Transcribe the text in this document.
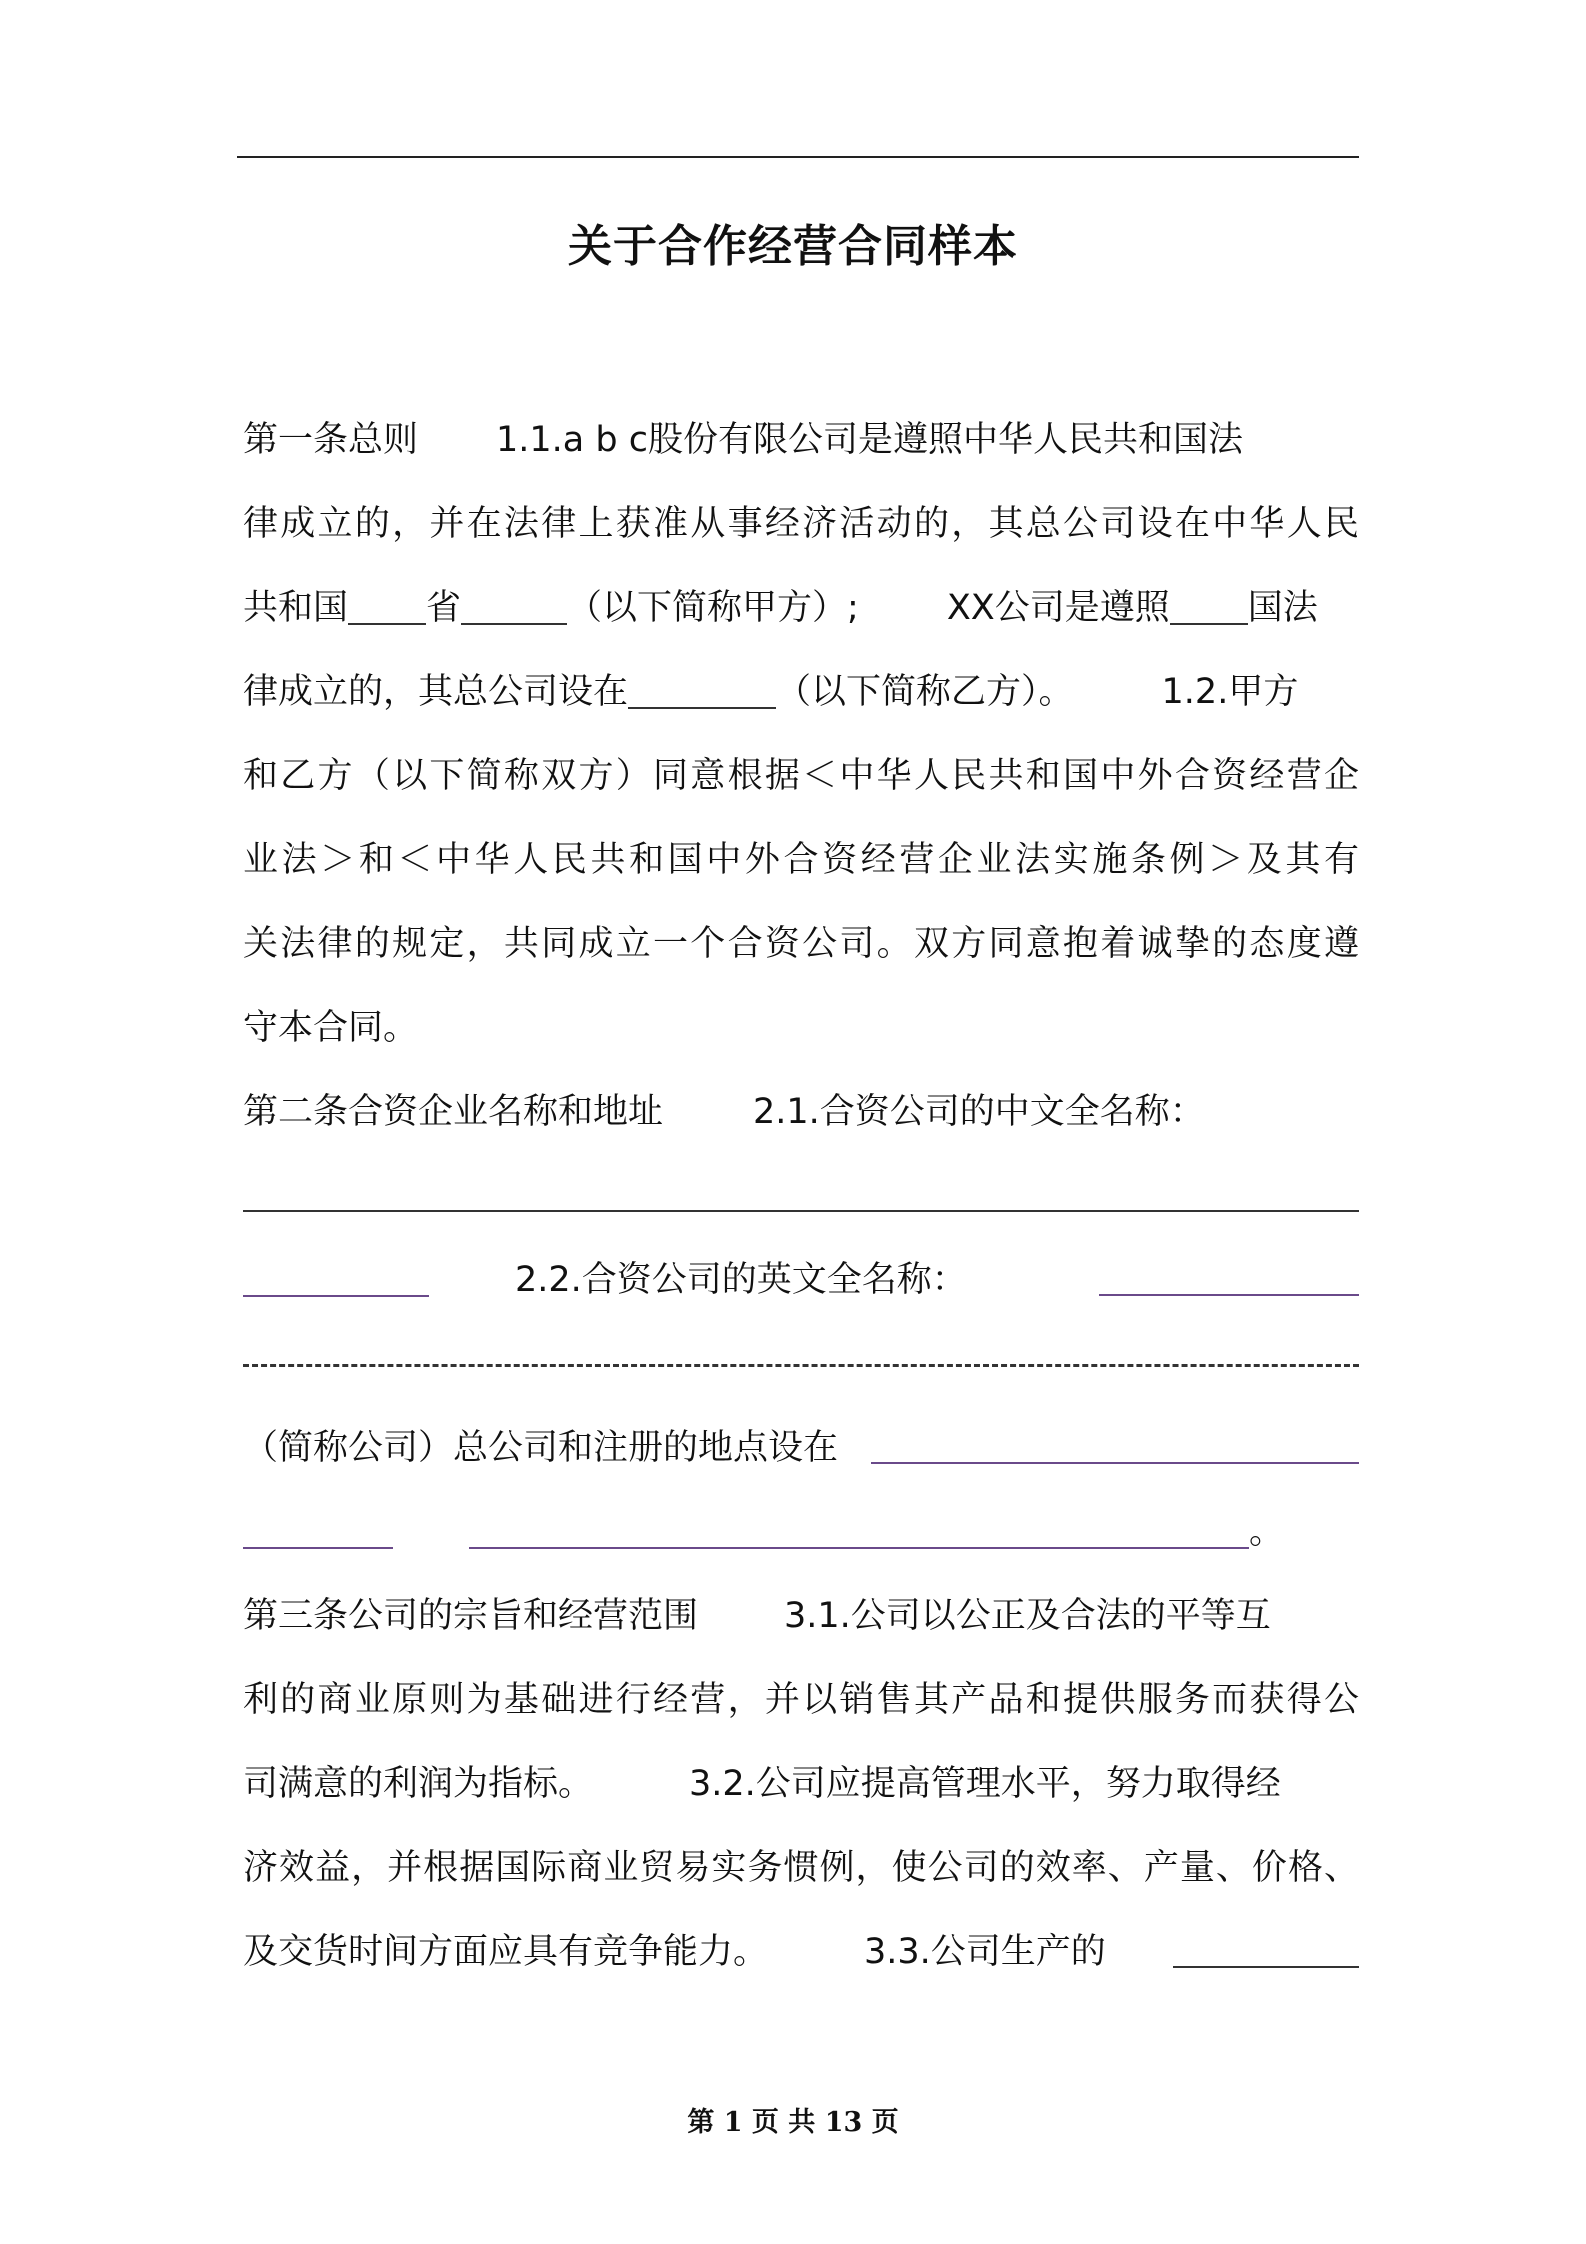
关于合作经营合同样本
第一条总则 1.1.a b c股份有限公司是遵照中华人民共和国法
律成立的，并在法律上获准从事经济活动的，其总公司设在中华人民
共和国 省	（以下简称甲方）;	XX公司是遵照 国法
律成立的，其总公司设在	（以下简称乙方）。	1.2.甲方
和乙方（以下简称双方）同意根据＜中华人民共和国中外合资经营企
业法＞和＜中华人民共和国中外合资经营企业法实施条例＞及其有
关法律的规定，共同成立一个合资公司。双方同意抱着诚挚的态度遵
守本合同。
第二条合资企业名称和地址	2.1.合资公司的中文全名称：
2.2.合资公司的英文全名称：
（简称公司）总公司和注册的地点设在
。
第三条公司的宗旨和经营范围 3.1.公司以公正及合法的平等互
利的商业原则为基础进行经营，并以销售其产品和提供服务而获得公
司满意的利润为指标。	3.2.公司应提高管理水平，努力取得经
济效益，并根据国际商业贸易实务惯例，使公司的效率、产量、价格、
及交货时间方面应具有竞争能力。	3.3.公司生产的
第 1 页 共 13 页
